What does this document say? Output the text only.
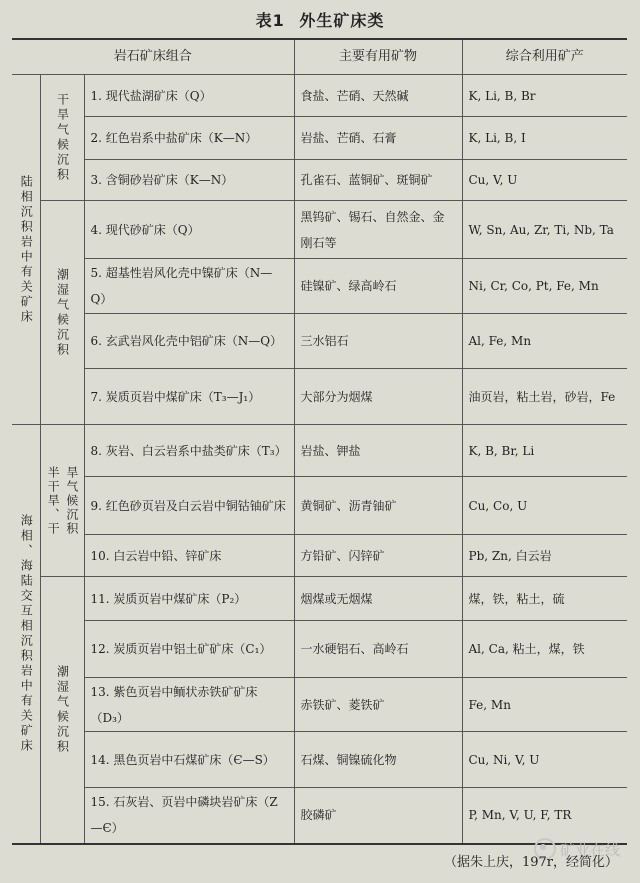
表1 外生矿床类
岩石矿床组合			主要有用矿物	综合利用矿产
陆相沉积岩中有关矿床	干旱气候沉积	1. 现代盐湖矿床（Q）	食盐、芒硝、天然碱	K, Li, B, Br
		2. 红色岩系中盐矿床（K—N）	岩盐、芒硝、石膏	K, Li, B, I
		3. 含铜砂岩矿床（K—N）	孔雀石、蓝铜矿、斑铜矿	Cu, V, U
	潮湿气候沉积	4. 现代砂矿床（Q）	黑钨矿、锡石、自然金、金刚石等	W, Sn, Au, Zr, Ti, Nb, Ta
		5. 超基性岩风化壳中镍矿床（N—Q）	硅镍矿、绿高岭石	Ni, Cr, Co, Pt, Fe, Mn
		6. 玄武岩风化壳中铝矿床（N—Q）	三水铝石	Al, Fe, Mn
		7. 炭质页岩中煤矿床（T₃—J₁）	大部分为烟煤	油页岩，粘土岩，砂岩，Fe
海相、海陆交互相沉积岩中有关矿床	半干旱、干 旱气候沉积	8. 灰岩、白云岩系中盐类矿床（T₃）	岩盐、钾盐	K, B, Br, Li
		9. 红色砂页岩及白云岩中铜钴铀矿床	黄铜矿、沥青铀矿	Cu, Co, U
		10. 白云岩中铅、锌矿床	方铅矿、闪锌矿	Pb, Zn, 白云岩
	潮湿气候沉积	11. 炭质页岩中煤矿床（P₂）	烟煤或无烟煤	煤，铁，粘土，硫
		12. 炭质页岩中铝土矿矿床（C₁）	一水硬铝石、高岭石	Al, Ca, 粘土，煤，铁
		13. 紫色页岩中鲕状赤铁矿矿床（D₃）	赤铁矿、菱铁矿	Fe, Mn
		14. 黑色页岩中石煤矿床（Є—S）	石煤、铜镍硫化物	Cu, Ni, V, U
		15. 石灰岩、页岩中磷块岩矿床（Z—Є）	胶磷矿	P, Mn, V, U, F, TR
矿业在线
（据朱上庆，197r，经简化）
